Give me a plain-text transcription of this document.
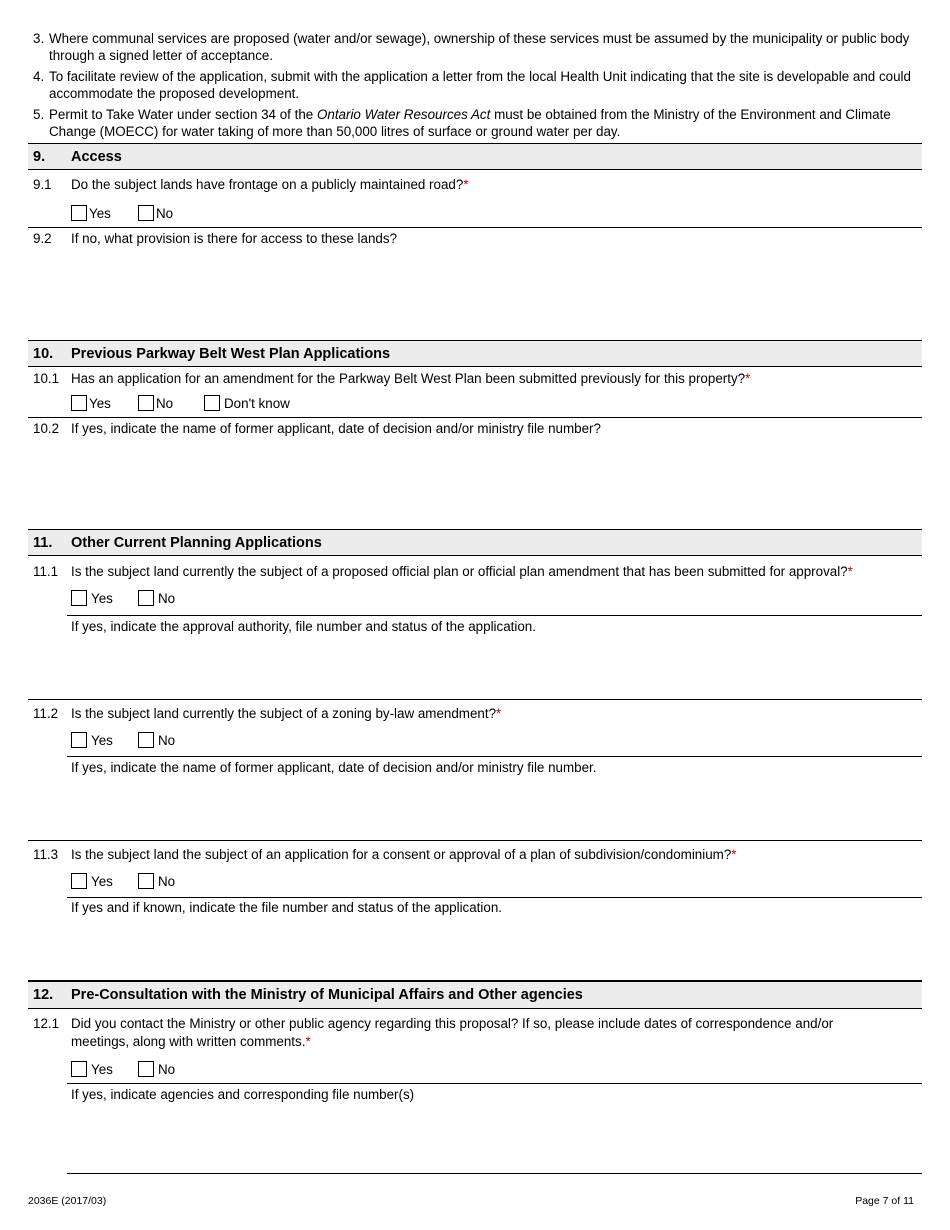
3. Where communal services are proposed (water and/or sewage), ownership of these services must be assumed by the municipality or public body through a signed letter of acceptance.
4. To facilitate review of the application, submit with the application a letter from the local Health Unit indicating that the site is developable and could accommodate the proposed development.
5. Permit to Take Water under section 34 of the Ontario Water Resources Act must be obtained from the Ministry of the Environment and Climate Change (MOECC) for water taking of more than 50,000 litres of surface or ground water per day.
9. Access
9.1 Do the subject lands have frontage on a publicly maintained road?*
Yes	No
9.2 If no, what provision is there for access to these lands?
10. Previous Parkway Belt West Plan Applications
10.1 Has an application for an amendment for the Parkway Belt West Plan been submitted previously for this property?*
Yes	No	Don't know
10.2 If yes, indicate the name of former applicant, date of decision and/or ministry file number?
11. Other Current Planning Applications
11.1 Is the subject land currently the subject of a proposed official plan or official plan amendment that has been submitted for approval?*
Yes	No
If yes, indicate the approval authority, file number and status of the application.
11.2 Is the subject land currently the subject of a zoning by-law amendment?*
Yes	No
If yes, indicate the name of former applicant, date of decision and/or ministry file number.
11.3 Is the subject land the subject of an application for a consent or approval of a plan of subdivision/condominium?*
Yes	No
If yes and if known, indicate the file number and status of the application.
12. Pre-Consultation with the Ministry of Municipal Affairs and Other agencies
12.1 Did you contact the Ministry or other public agency regarding this proposal? If so, please include dates of correspondence and/or meetings, along with written comments.*
Yes	No
If yes, indicate agencies and corresponding file number(s)
2036E (2017/03)	Page 7 of 11
